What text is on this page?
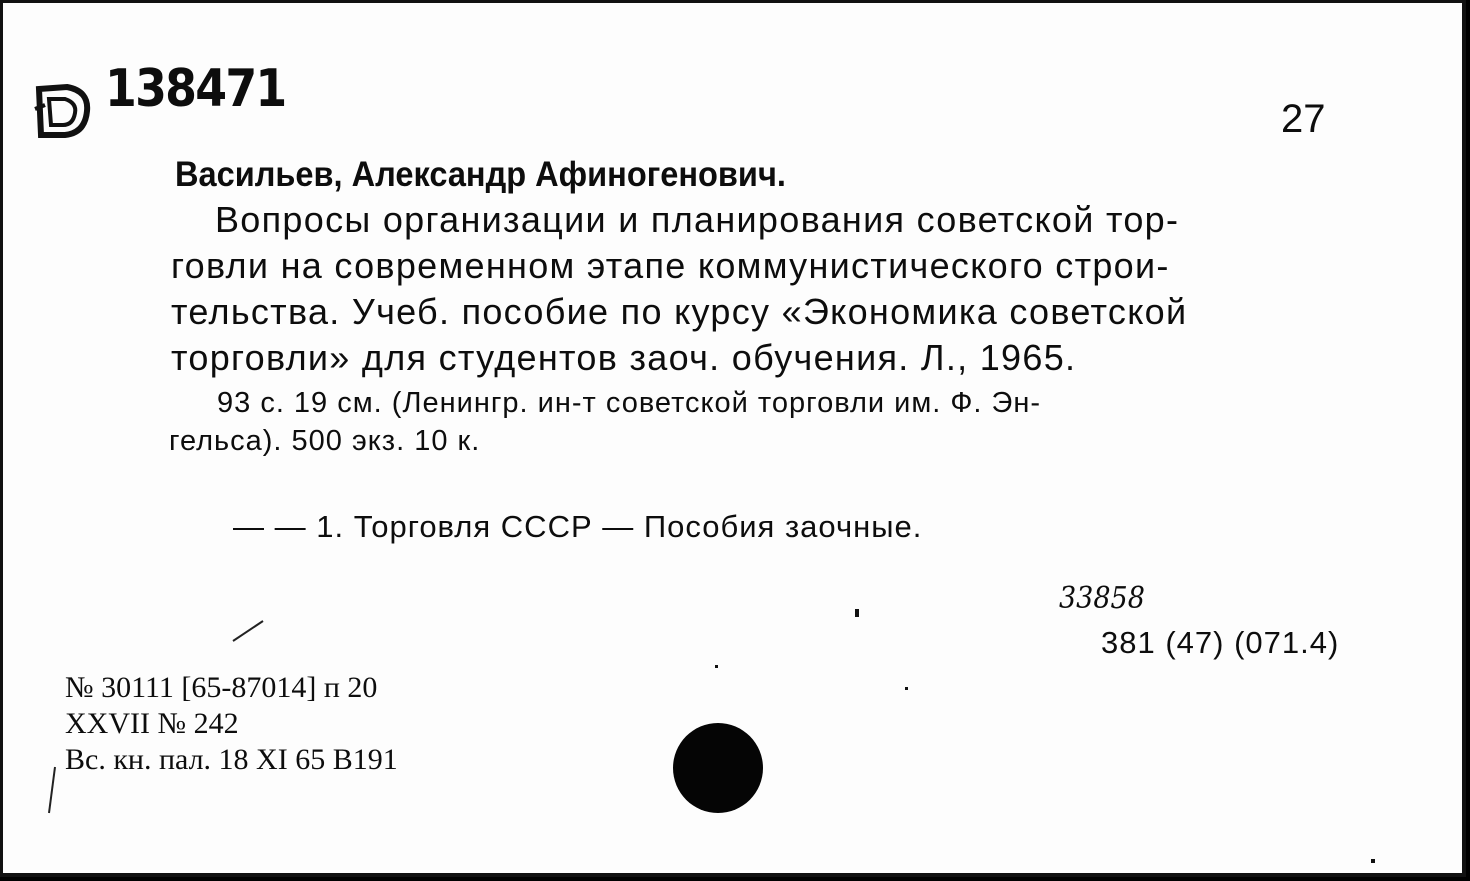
138471	27
Васильев, Александр Афиногенович.
Вопросы организации и планирования советской тор-
говли на современном этапе коммунистического строи-
тельства. Учеб. пособие по курсу «Экономика советской
торговли» для студентов заоч. обучения. Л., 1965.
93 с. 19 см. (Ленингр. ин-т советской торговли им. Ф. Эн-
гельса). 500 экз. 10 к.
— — 1. Торговля СССР — Пособия заочные.
33858
381 (47) (071.4)
№ 30111 [65-87014] п 20
XXVII № 242
Вс. кн. пал. 18 XI 65 В191
